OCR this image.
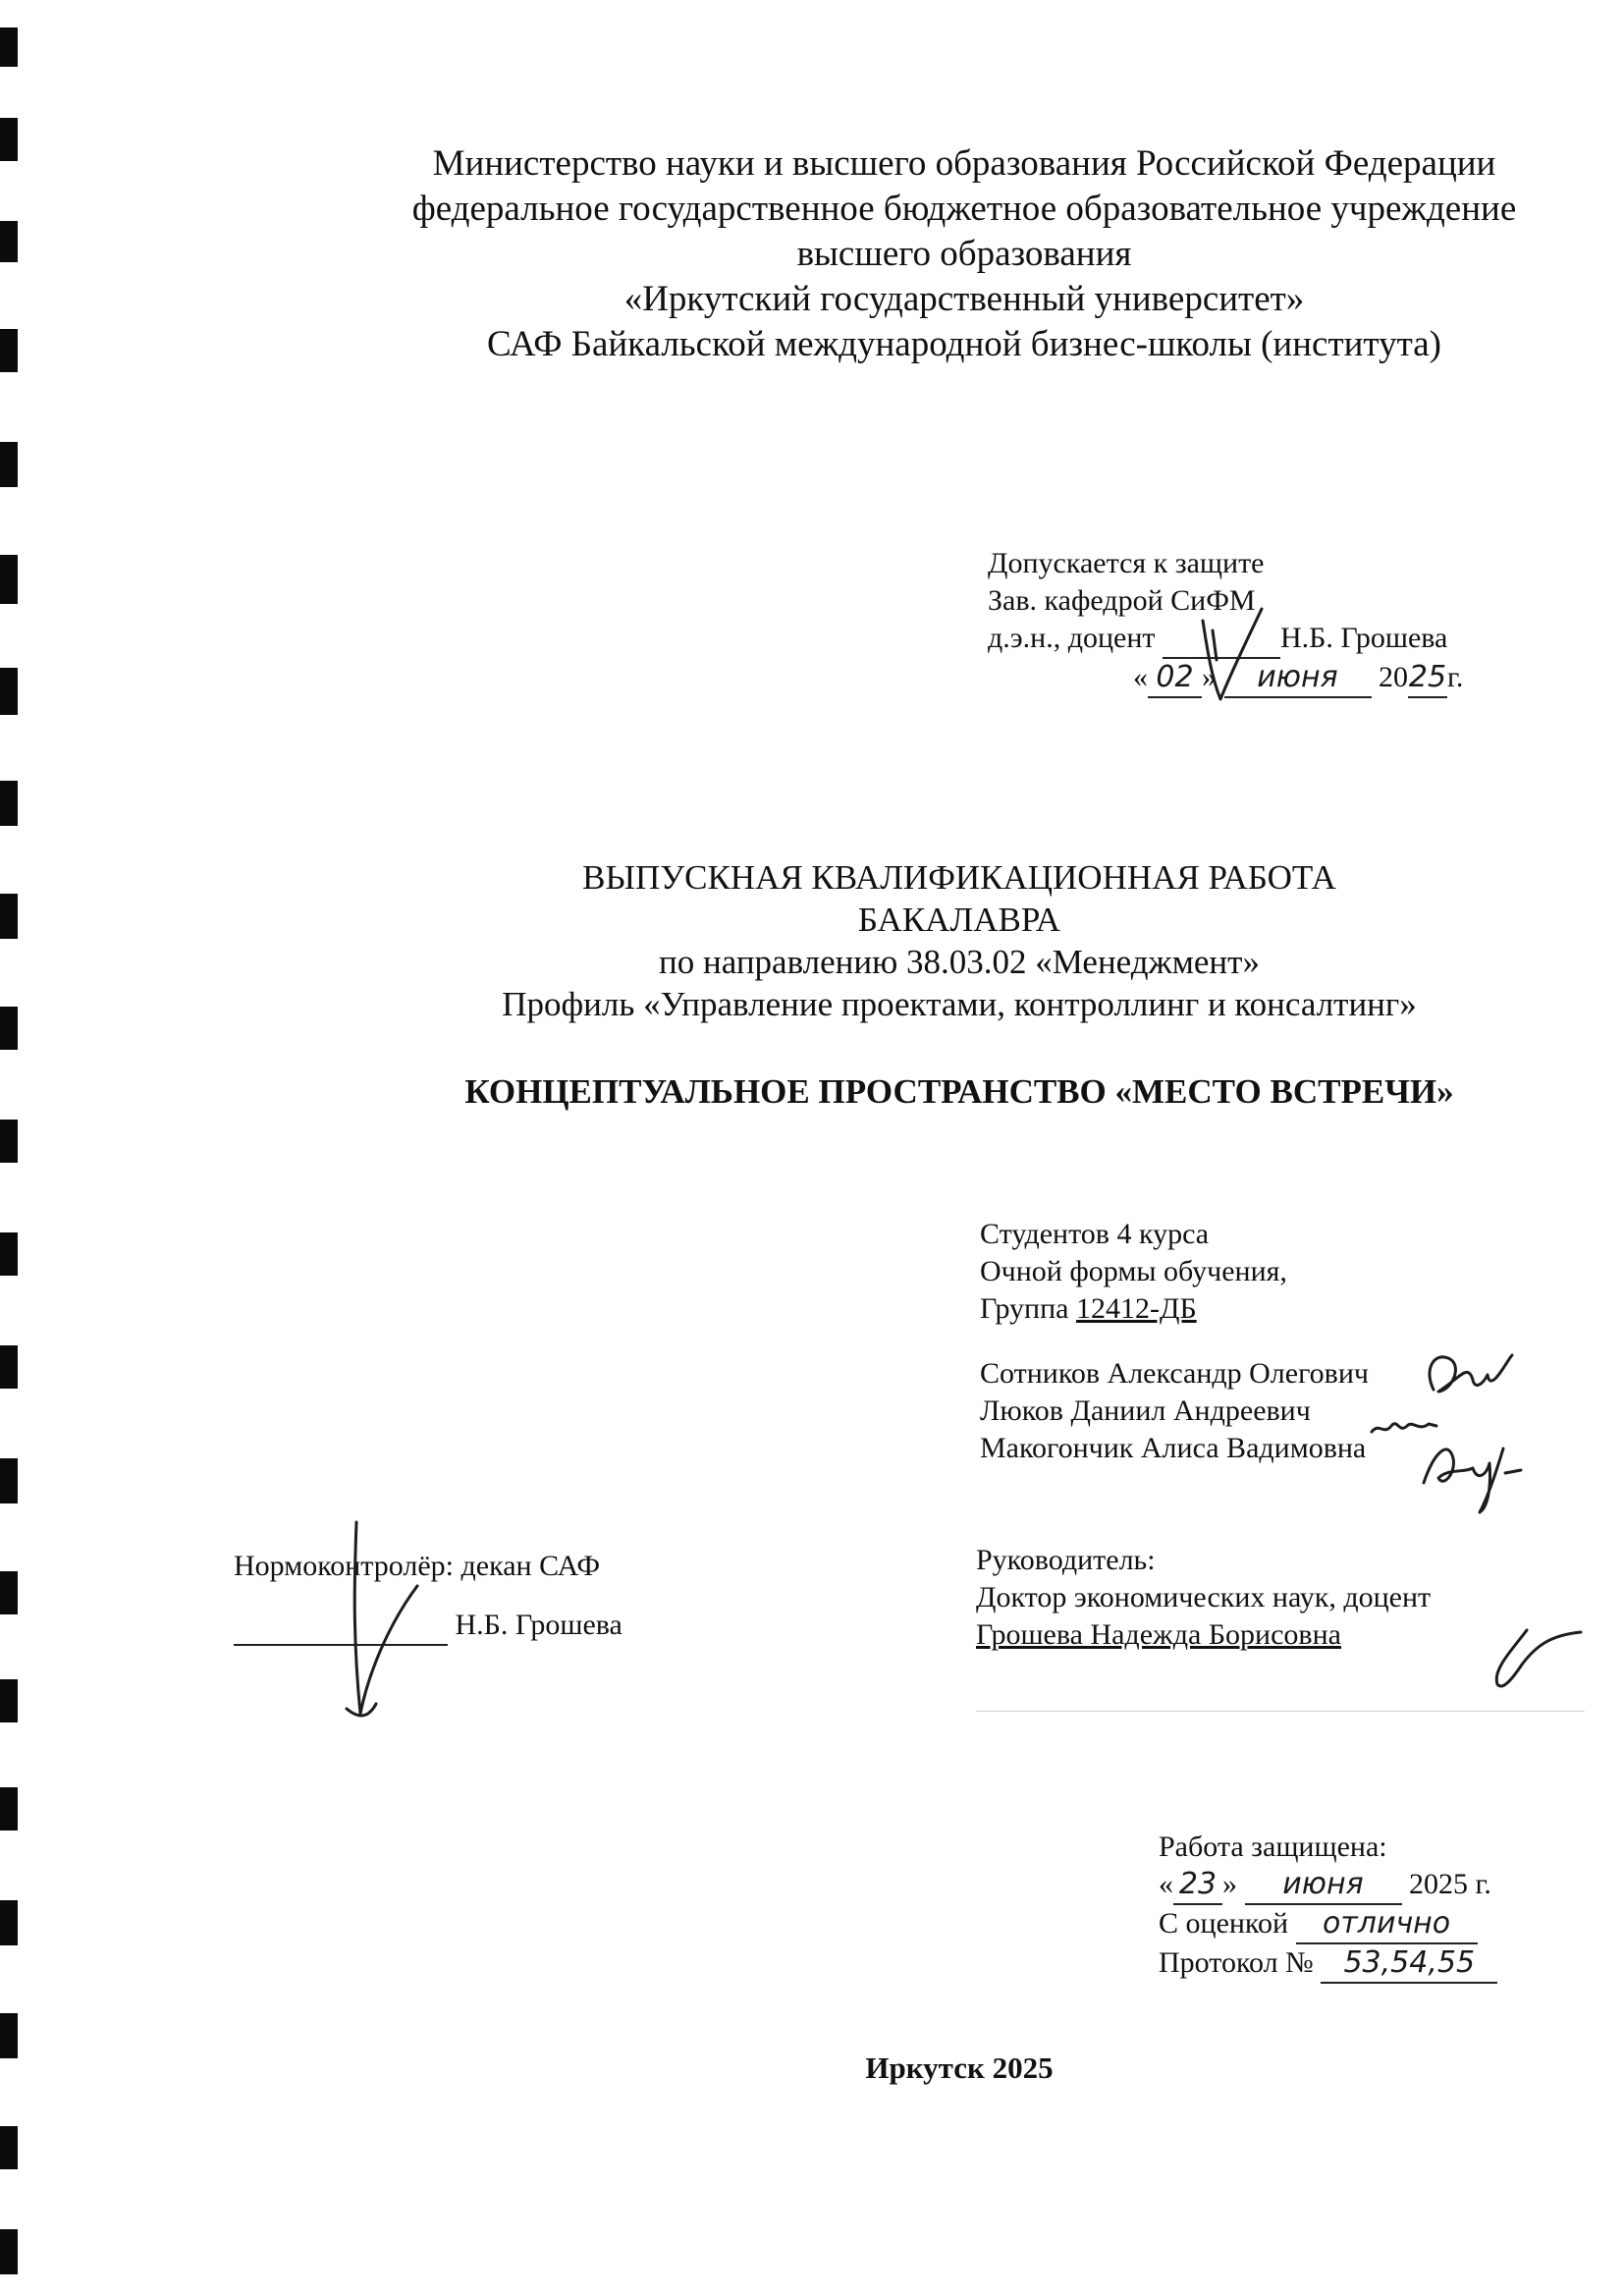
Министерство науки и высшего образования Российской Федерации
федеральное государственное бюджетное образовательное учреждение
высшего образования
«Иркутский государственный университет»
САФ Байкальской международной бизнес-школы (института)
Допускается к защите
Зав. кафедрой СиФМ
д.э.н., доцент	Н.Б. Грошева
« 02 » июня 2025г.
ВЫПУСКНАЯ КВАЛИФИКАЦИОННАЯ РАБОТА
БАКАЛАВРА
по направлению 38.03.02 «Менеджмент»
Профиль «Управление проектами, контроллинг и консалтинг»
КОНЦЕПТУАЛЬНОЕ ПРОСТРАНСТВО «МЕСТО ВСТРЕЧИ»
Студентов 4 курса
Очной формы обучения,
Группа 12412-ДБ
Сотников Александр Олегович
Люков Даниил Андреевич
Макогончик Алиса Вадимовна
Нормоконтролёр: декан САФ
Н.Б. Грошева
Руководитель:
Доктор экономических наук, доцент
Грошева Надежда Борисовна
Работа защищена:
« 23 » июня 2025 г.
С оценкой отлично
Протокол № 53,54,55
Иркутск 2025
